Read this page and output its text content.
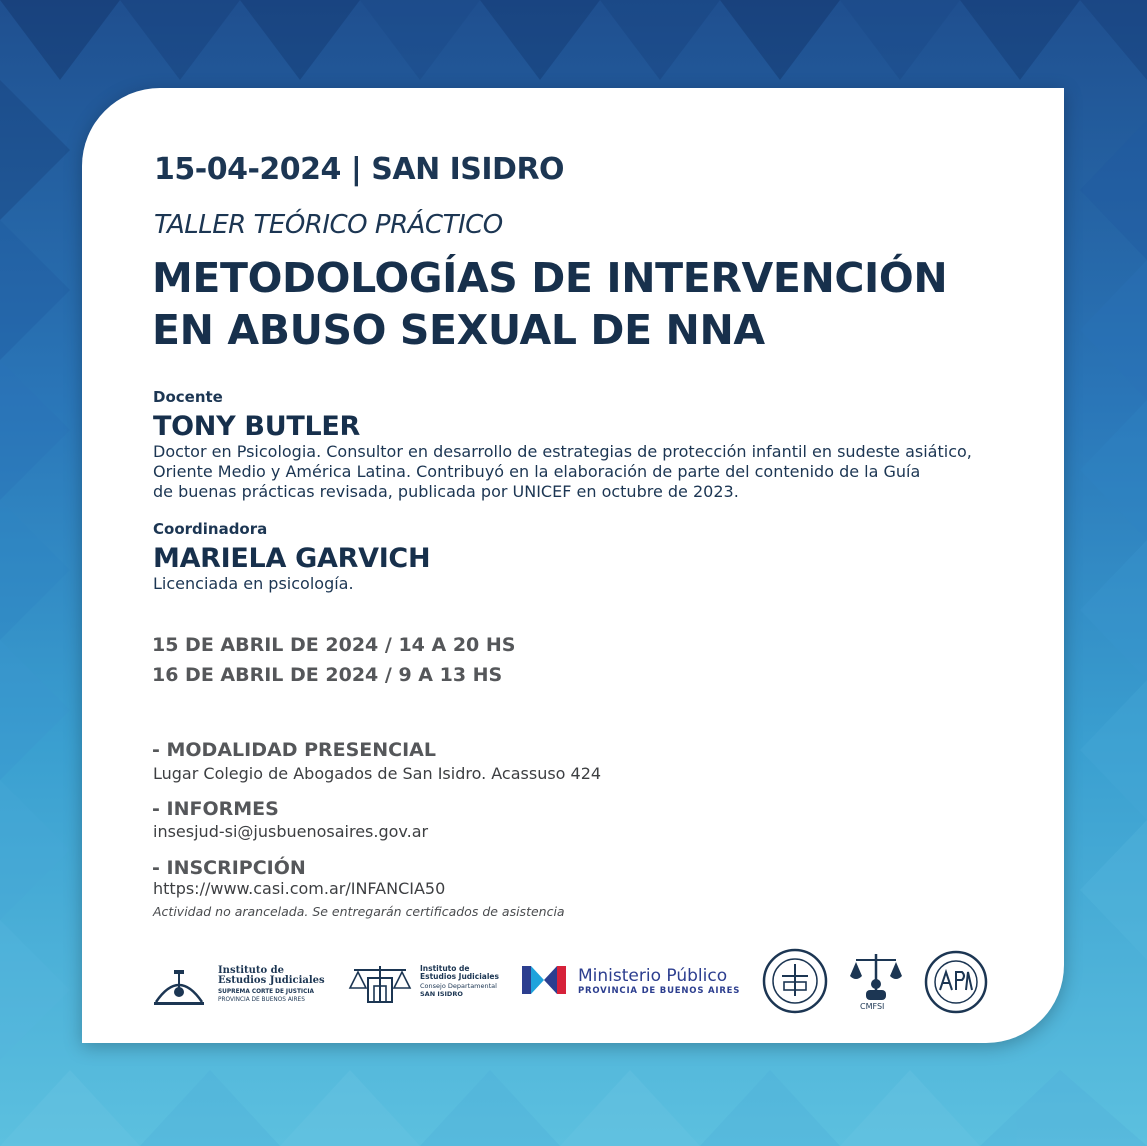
15-04-2024 | SAN ISIDRO

TALLER TEÓRICO PRÁCTICO

METODOLOGÍAS DE INTERVENCIÓN
EN ABUSO SEXUAL DE NNA

Docente

TONY BUTLER

Doctor en Psicologia. Consultor en desarrollo de estrategias de protección infantil en sudeste asiático,
Oriente Medio y América Latina. Contribuyó en la elaboración de parte del contenido de la Guía
de buenas prácticas revisada, publicada por UNICEF en octubre de 2023.

Coordinadora

MARIELA GARVICH

Licenciada en psicología.

15 DE ABRIL DE 2024 / 14 A 20 HS

16 DE ABRIL DE 2024 / 9 A 13 HS

- MODALIDAD PRESENCIAL

Lugar Colegio de Abogados de San Isidro. Acassuso 424

- INFORMES

insesjud-si@jusbuenosaires.gov.ar

- INSCRIPCIÓN

https://www.casi.com.ar/INFANCIA50

Actividad no arancelada. Se entregarán certificados de asistencia

Instituto de
Estudios Judiciales
SUPREMA CORTE DE JUSTICIA
PROVINCIA DE BUENOS AIRES
Instituto de
Estudios Judiciales
Consejo Departamental
SAN ISIDRO
Ministerio Público
PROVINCIA DE BUENOS AIRES
CMFSI
